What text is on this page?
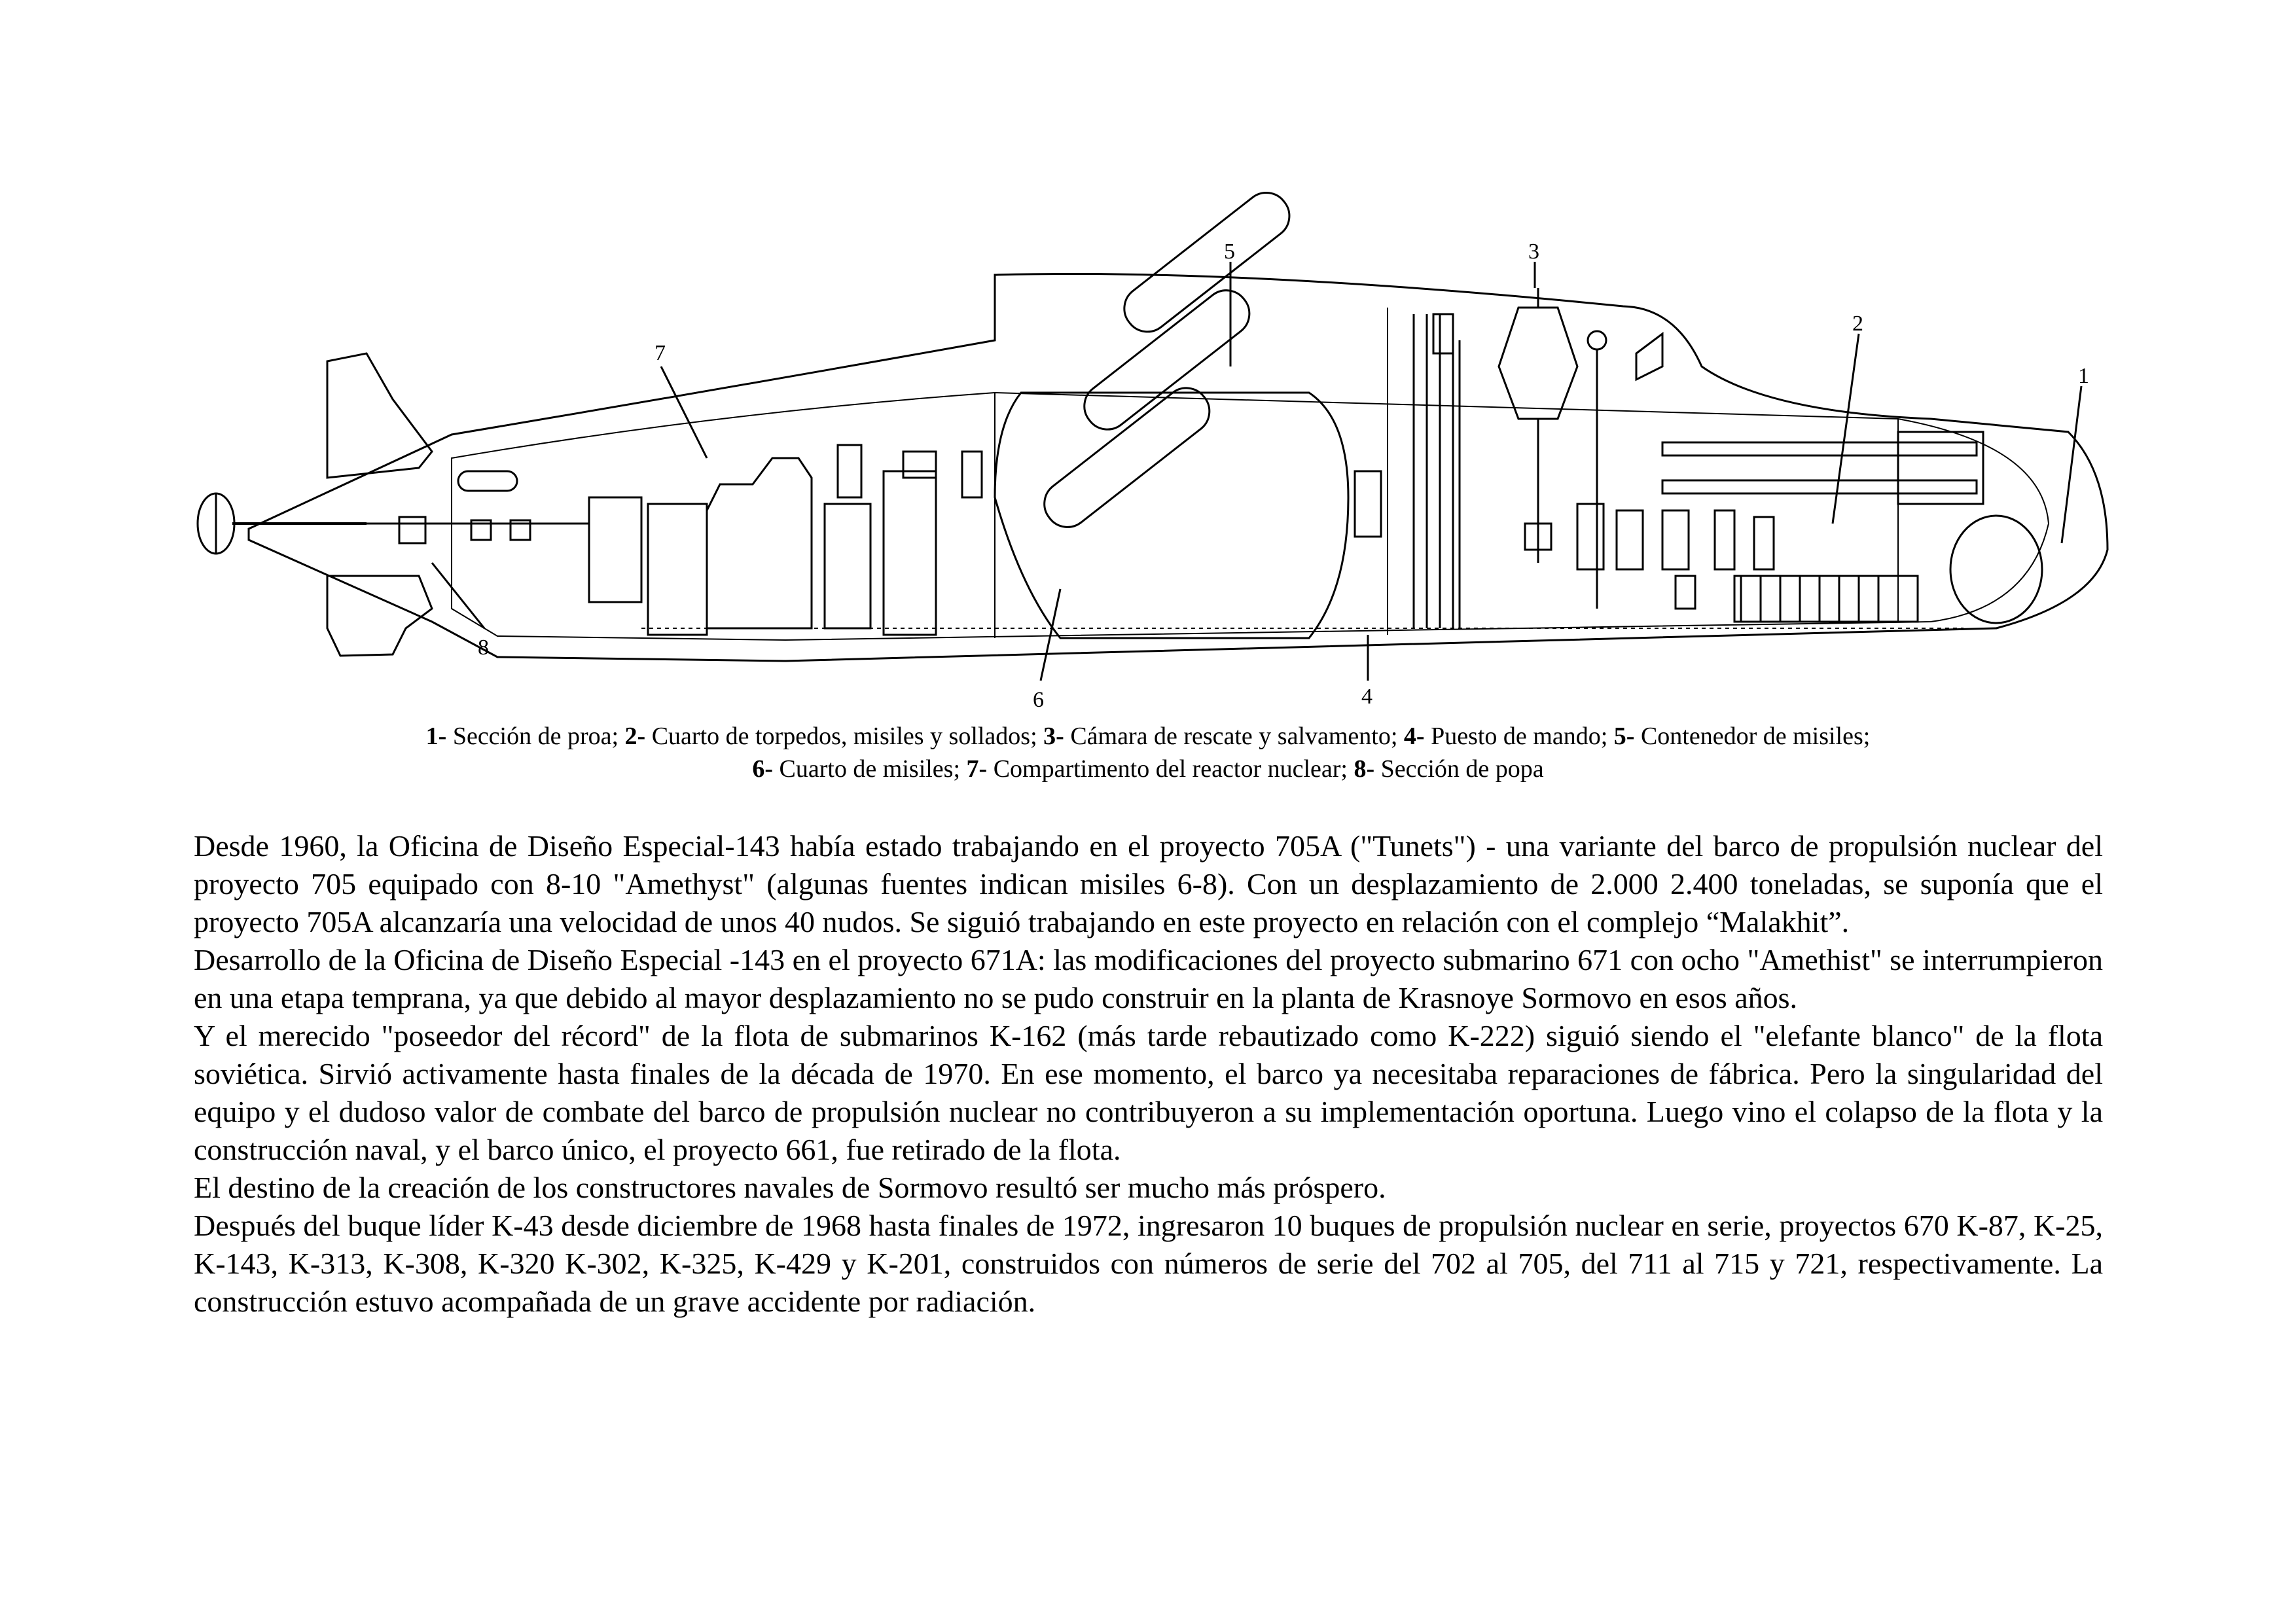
1
2
3
4
5
6
7
8
1- Sección de proa; 2- Cuarto de torpedos, misiles y sollados; 3- Cámara de rescate y salvamento; 4- Puesto de mando; 5- Contenedor de misiles;
6- Cuarto de misiles; 7- Compartimento del reactor nuclear; 8- Sección de popa

Desde 1960, la Oficina de Diseño Especial-143 había estado trabajando en el proyecto 705A ("Tunets") - una variante del barco de propulsión nuclear del proyecto 705 equipado con 8-10 "Amethyst" (algunas fuentes indican misiles 6-8). Con un desplazamiento de 2.000 2.400 toneladas, se suponía que el proyecto 705A alcanzaría una velocidad de unos 40 nudos. Se siguió trabajando en este proyecto en relación con el complejo “Malakhit”.

Desarrollo de la Oficina de Diseño Especial -143 en el proyecto 671A: las modificaciones del proyecto submarino 671 con ocho "Amethist" se interrumpieron en una etapa temprana, ya que debido al mayor desplazamiento no se pudo construir en la planta de Krasnoye Sormovo en esos años.

Y el merecido "poseedor del récord" de la flota de submarinos K-162 (más tarde rebautizado como K-222) siguió siendo el "elefante blanco" de la flota soviética. Sirvió activamente hasta finales de la década de 1970. En ese momento, el barco ya necesitaba reparaciones de fábrica. Pero la singularidad del equipo y el dudoso valor de combate del barco de propulsión nuclear no contribuyeron a su implementación oportuna. Luego vino el colapso de la flota y la construcción naval, y el barco único, el proyecto 661, fue retirado de la flota.

El destino de la creación de los constructores navales de Sormovo resultó ser mucho más próspero.

Después del buque líder K-43 desde diciembre de 1968 hasta finales de 1972, ingresaron 10 buques de propulsión nuclear en serie, proyectos 670 K-87, K-25, K-143, K-313, K-308, K-320 K-302, K-325, K-429 y K-201, construidos con números de serie del 702 al 705, del 711 al 715 y 721, respectivamente. La construcción estuvo acompañada de un grave accidente por radiación.
